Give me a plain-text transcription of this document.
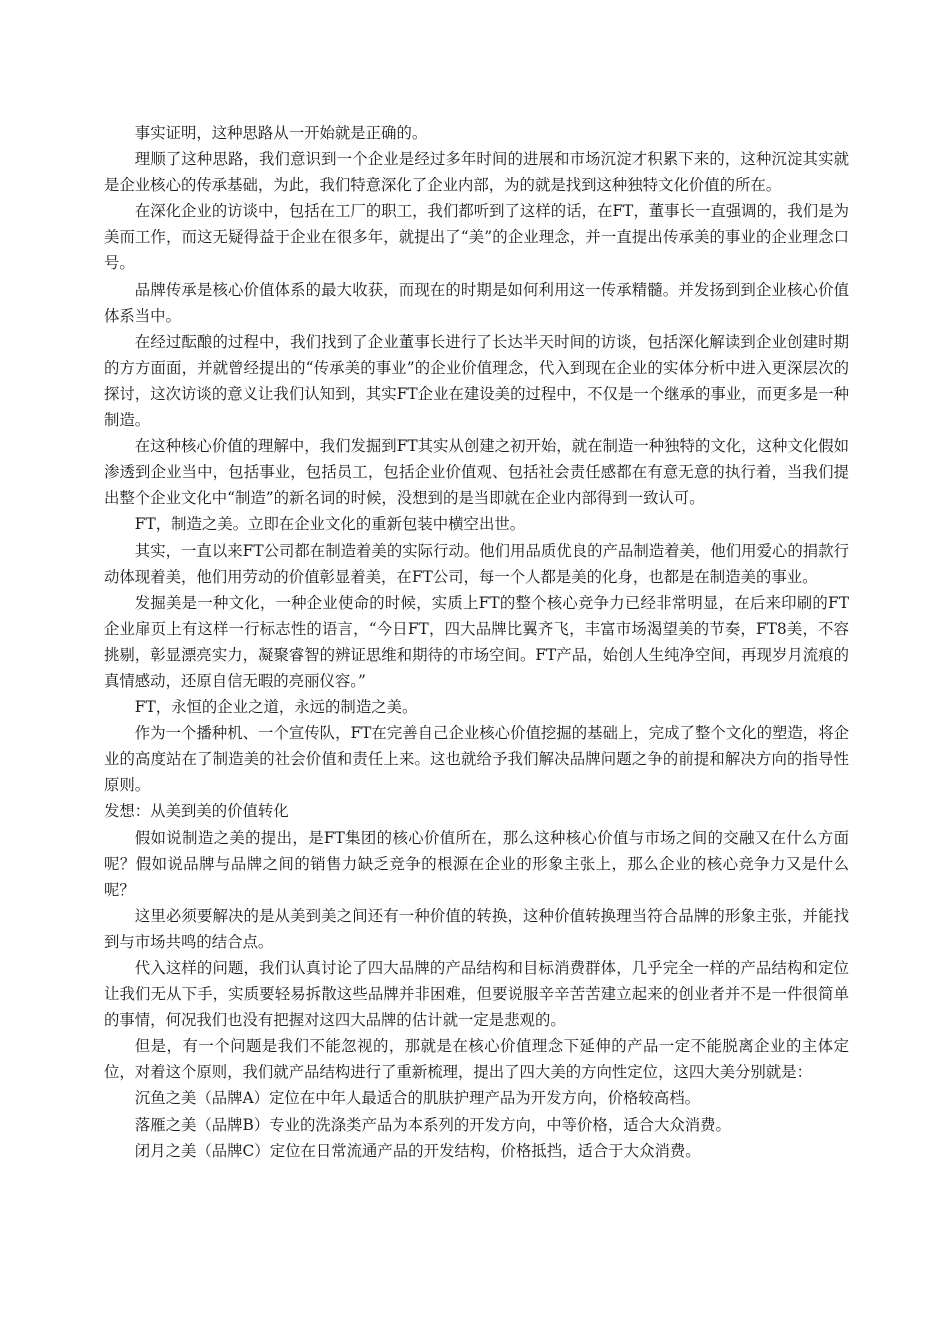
事实证明，这种思路从一开始就是正确的。

理顺了这种思路，我们意识到一个企业是经过多年时间的进展和市场沉淀才积累下来的，这种沉淀其实就是企业核心的传承基础，为此，我们特意深化了企业内部，为的就是找到这种独特文化价值的所在。

在深化企业的访谈中，包括在工厂的职工，我们都听到了这样的话，在FT，董事长一直强调的，我们是为美而工作，而这无疑得益于企业在很多年，就提出了“美”的企业理念，并一直提出传承美的事业的企业理念口号。

品牌传承是核心价值体系的最大收获，而现在的时期是如何利用这一传承精髓。并发扬到到企业核心价值体系当中。

在经过酝酿的过程中，我们找到了企业董事长进行了长达半天时间的访谈，包括深化解读到企业创建时期的方方面面，并就曾经提出的“传承美的事业”的企业价值理念，代入到现在企业的实体分析中进入更深层次的探讨，这次访谈的意义让我们认知到，其实FT企业在建设美的过程中，不仅是一个继承的事业，而更多是一种制造。

在这种核心价值的理解中，我们发掘到FT其实从创建之初开始，就在制造一种独特的文化，这种文化假如渗透到企业当中，包括事业，包括员工，包括企业价值观、包括社会责任感都在有意无意的执行着，当我们提出整个企业文化中“制造”的新名词的时候，没想到的是当即就在企业内部得到一致认可。

FT，制造之美。立即在企业文化的重新包装中横空出世。

其实，一直以来FT公司都在制造着美的实际行动。他们用品质优良的产品制造着美，他们用爱心的捐款行动体现着美，他们用劳动的价值彰显着美，在FT公司，每一个人都是美的化身，也都是在制造美的事业。

发掘美是一种文化，一种企业使命的时候，实质上FT的整个核心竞争力已经非常明显，在后来印刷的FT企业扉页上有这样一行标志性的语言，“今日FT，四大品牌比翼齐飞，丰富市场渴望美的节奏，FT8美，不容挑剔，彰显漂亮实力，凝聚睿智的辨证思维和期待的市场空间。FT产品，始创人生纯净空间，再现岁月流痕的真情感动，还原自信无暇的亮丽仪容。”

FT，永恒的企业之道，永远的制造之美。

作为一个播种机、一个宣传队，FT在完善自己企业核心价值挖掘的基础上，完成了整个文化的塑造，将企业的高度站在了制造美的社会价值和责任上来。这也就给予我们解决品牌问题之争的前提和解决方向的指导性原则。

发想：从美到美的价值转化

假如说制造之美的提出，是FT集团的核心价值所在，那么这种核心价值与市场之间的交融又在什么方面呢？假如说品牌与品牌之间的销售力缺乏竞争的根源在企业的形象主张上，那么企业的核心竞争力又是什么呢？

这里必须要解决的是从美到美之间还有一种价值的转换，这种价值转换理当符合品牌的形象主张，并能找到与市场共鸣的结合点。

代入这样的问题，我们认真讨论了四大品牌的产品结构和目标消费群体，几乎完全一样的产品结构和定位让我们无从下手，实质要轻易拆散这些品牌并非困难，但要说服辛辛苦苦建立起来的创业者并不是一件很简单的事情，何况我们也没有把握对这四大品牌的估计就一定是悲观的。

但是，有一个问题是我们不能忽视的，那就是在核心价值理念下延伸的产品一定不能脱离企业的主体定位，对着这个原则，我们就产品结构进行了重新梳理，提出了四大美的方向性定位，这四大美分别就是：

沉鱼之美（品牌A）定位在中年人最适合的肌肤护理产品为开发方向，价格较高档。

落雁之美（品牌B）专业的洗涤类产品为本系列的开发方向，中等价格，适合大众消费。

闭月之美（品牌C）定位在日常流通产品的开发结构，价格抵挡，适合于大众消费。
